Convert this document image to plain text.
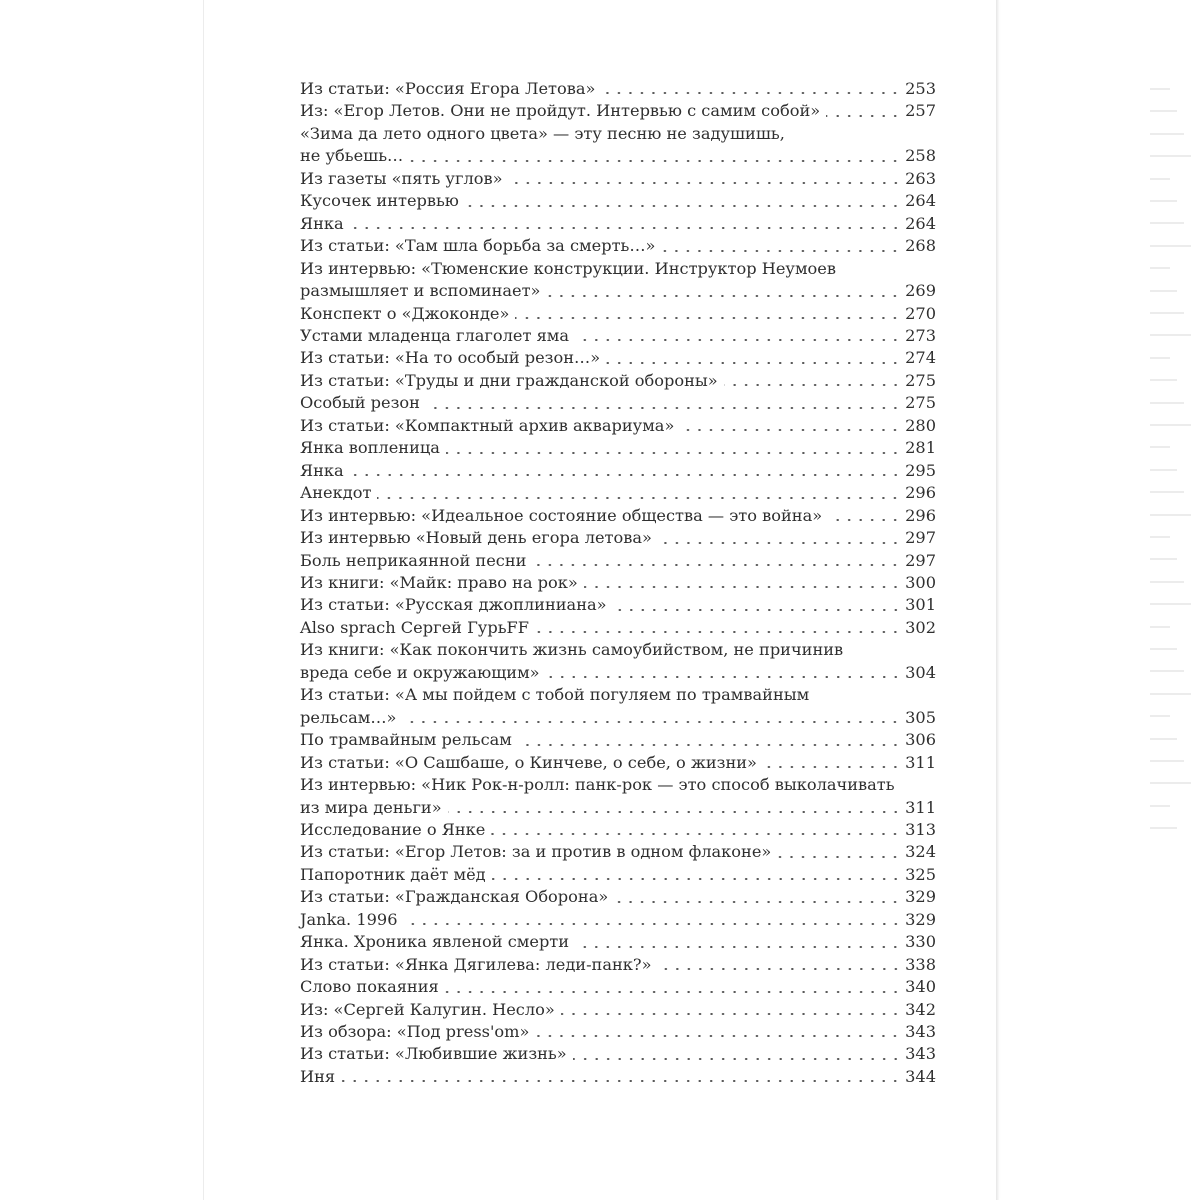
Из статьи: «Россия Егора Летова»	253
Из: «Егор Летов. Они не пройдут. Интервью с самим собой»	257
«Зима да лето одного цвета» — эту песню не задушишь,
не убьешь…	258
Из газеты «пять углов»	263
Кусочек интервью	264
Янка	264
Из статьи: «Там шла борьба за смерть…»	268
Из интервью: «Тюменские конструкции. Инструктор Неумоев
размышляет и вспоминает»	269
Конспект о «Джоконде»	270
Устами младенца глаголет яма	273
Из статьи: «На то особый резон…»	274
Из статьи: «Труды и дни гражданской обороны»	275
Особый резон	275
Из статьи: «Компактный архив аквариума»	280
Янка вопленица	281
Янка	295
Анекдот	296
Из интервью: «Идеальное состояние общества — это война»	296
Из интервью «Новый день егора летова»	297
Боль неприкаянной песни	297
Из книги: «Майк: право на рок»	300
Из статьи: «Русская джоплиниана»	301
Also sprach Сергей ГурьFF	302
Из книги: «Как покончить жизнь самоубийством, не причинив
вреда себе и окружающим»	304
Из статьи: «А мы пойдем с тобой погуляем по трамвайным
рельсам…»	305
По трамвайным рельсам	306
Из статьи: «О Сашбаше, о Кинчеве, о себе, о жизни»	311
Из интервью: «Ник Рок-н-ролл: панк-рок — это способ выколачивать
из мира деньги»	311
Исследование о Янке	313
Из статьи: «Егор Летов: за и против в одном флаконе»	324
Папоротник даёт мёд	325
Из статьи: «Гражданская Оборона»	329
Janka. 1996	329
Янка. Хроника явленой смерти	330
Из статьи: «Янка Дягилева: леди-панк?»	338
Слово покаяния	340
Из: «Сергей Калугин. Несло»	342
Из обзора: «Под press'om»	343
Из статьи: «Любившие жизнь»	343
Иня	344
